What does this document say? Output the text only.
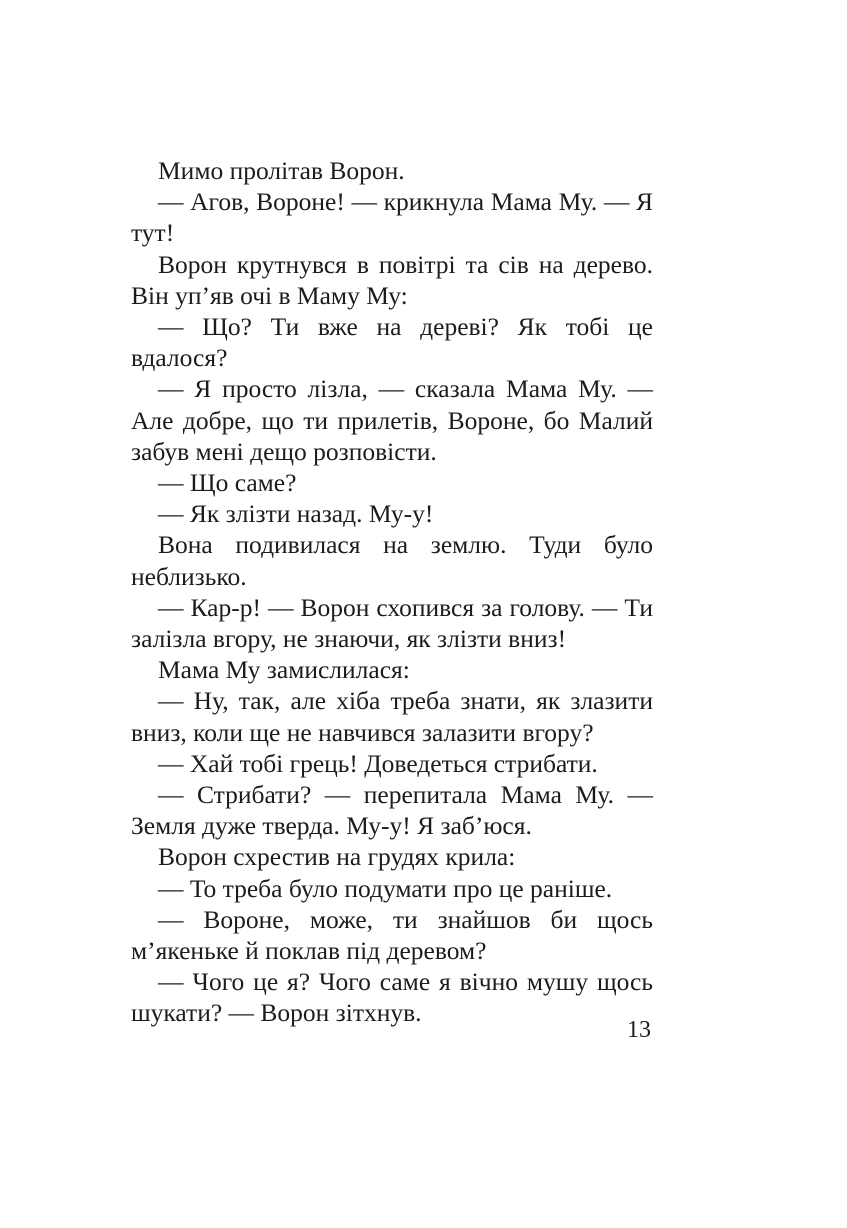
Мимо пролітав Ворон.

— Агов, Вороне! — крикнула Мама Му. — Я тут!

Ворон крутнувся в повітрі та сів на дерево. Він уп’яв очі в Маму Му:

— Що? Ти вже на дереві? Як тобі це вдалося?

— Я просто лізла, — сказала Мама Му. — Але добре, що ти прилетів, Вороне, бо Малий забув мені дещо розповісти.

— Що саме?

— Як злізти назад. Му-у!

Вона подивилася на землю. Туди було неблизько.

— Кар-р! — Ворон схопився за голову. — Ти залізла вгору, не знаючи, як злізти вниз!

Мама Му замислилася:

— Ну, так, але хіба треба знати, як злазити вниз, коли ще не навчився залазити вгору?

— Хай тобі грець! Доведеться стрибати.

— Стрибати? — перепитала Мама Му. — Земля дуже тверда. Му-у! Я заб’юся.

Ворон схрестив на грудях крила:

— То треба було подумати про це раніше.

— Вороне, може, ти знайшов би щось м’якеньке й поклав під деревом?

— Чого це я? Чого саме я вічно мушу щось шукати? — Ворон зітхнув.

13
